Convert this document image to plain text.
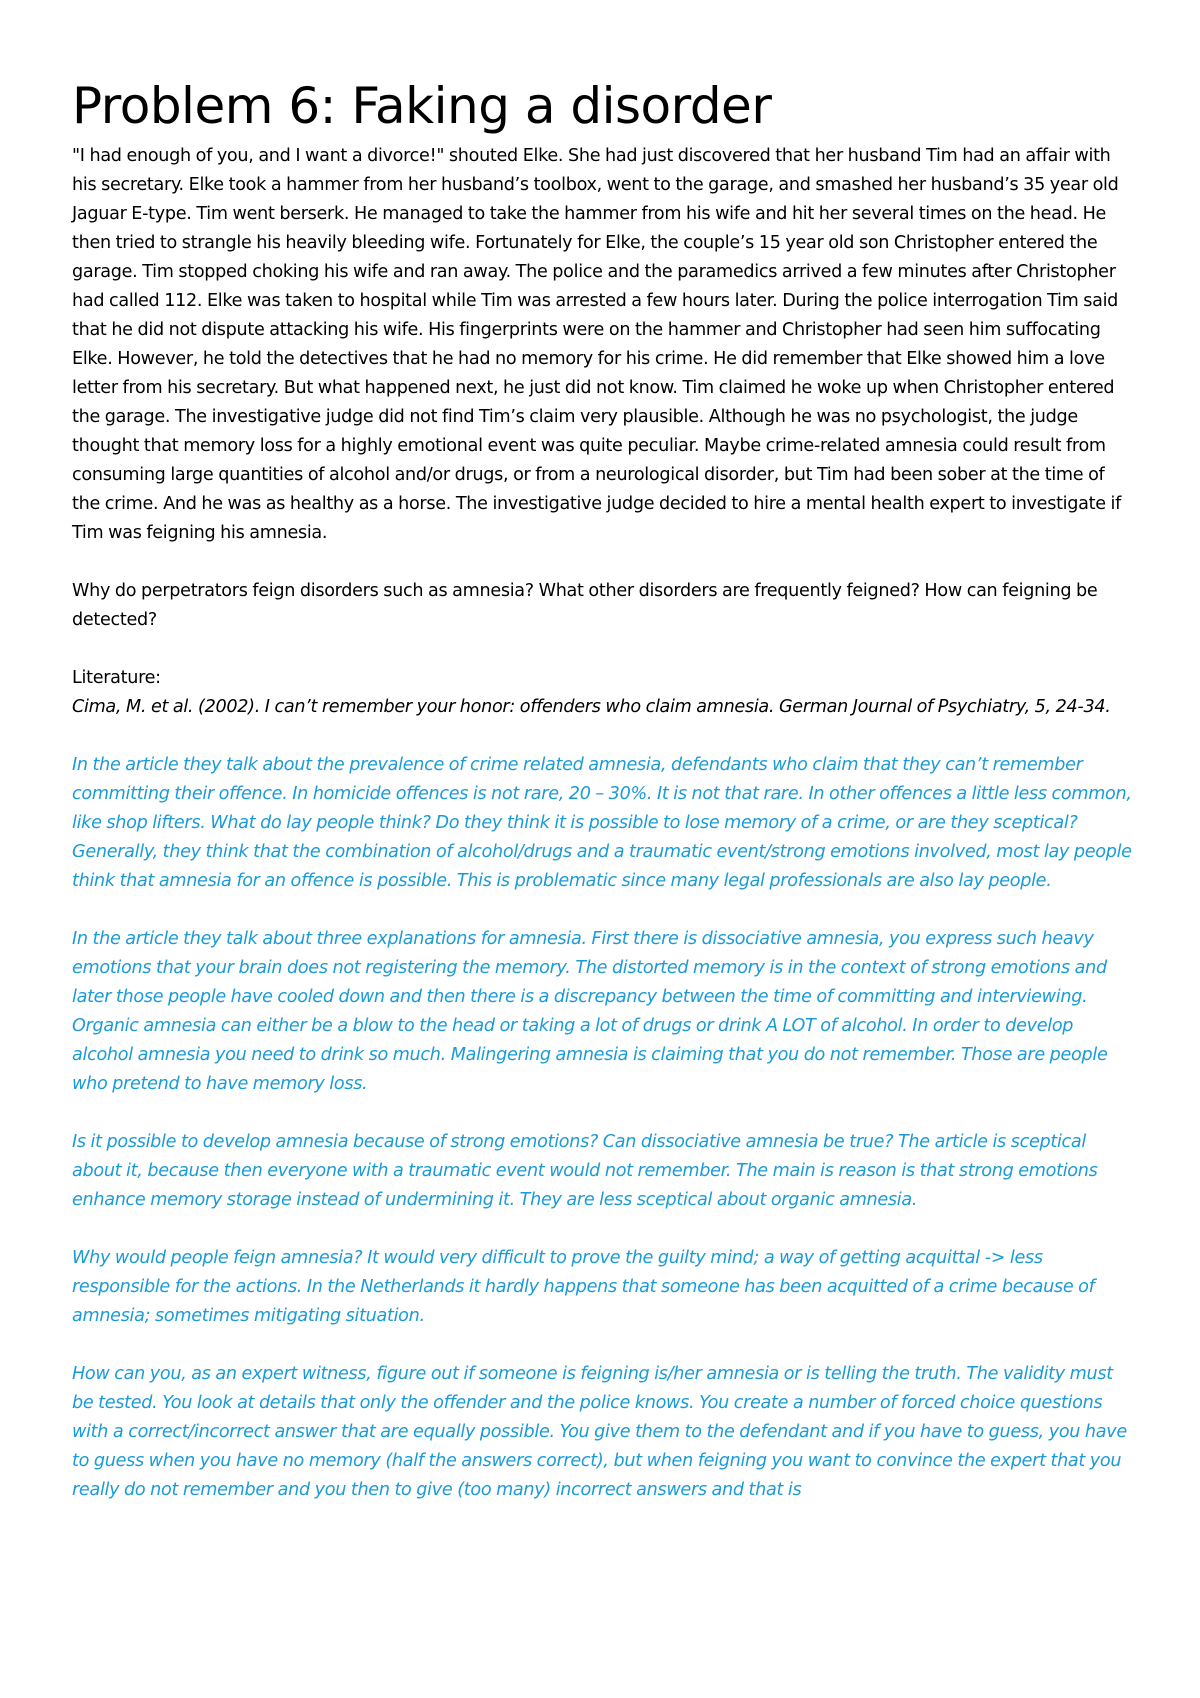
Problem 6: Faking a disorder

"I had enough of you, and I want a divorce!" shouted Elke. She had just discovered that her husband Tim had an affair with his secretary. Elke took a hammer from her husband’s toolbox, went to the garage, and smashed her husband’s 35 year old Jaguar E-type. Tim went berserk. He managed to take the hammer from his wife and hit her several times on the head. He then tried to strangle his heavily bleeding wife. Fortunately for Elke, the couple’s 15 year old son Christopher entered the garage. Tim stopped choking his wife and ran away. The police and the paramedics arrived a few minutes after Christopher had called 112. Elke was taken to hospital while Tim was arrested a few hours later. During the police interrogation Tim said that he did not dispute attacking his wife. His fingerprints were on the hammer and Christopher had seen him suffocating Elke. However, he told the detectives that he had no memory for his crime. He did remember that Elke showed him a love letter from his secretary. But what happened next, he just did not know. Tim claimed he woke up when Christopher entered the garage. The investigative judge did not find Tim’s claim very plausible. Although he was no psychologist, the judge thought that memory loss for a highly emotional event was quite peculiar. Maybe crime-related amnesia could result from consuming large quantities of alcohol and/or drugs, or from a neurological disorder, but Tim had been sober at the time of the crime. And he was as healthy as a horse. The investigative judge decided to hire a mental health expert to investigate if Tim was feigning his amnesia.

Why do perpetrators feign disorders such as amnesia? What other disorders are frequently feigned? How can feigning be detected?

Literature:

Cima, M. et al. (2002). I can’t remember your honor: offenders who claim amnesia. German Journal of Psychiatry, 5, 24-34.

In the article they talk about the prevalence of crime related amnesia, defendants who claim that they can’t remember committing their offence. In homicide offences is not rare, 20 – 30%. It is not that rare. In other offences a little less common, like shop lifters. What do lay people think? Do they think it is possible to lose memory of a crime, or are they sceptical? Generally, they think that the combination of alcohol/drugs and a traumatic event/strong emotions involved, most lay people think that amnesia for an offence is possible. This is problematic since many legal professionals are also lay people.

In the article they talk about three explanations for amnesia. First there is dissociative amnesia, you express such heavy emotions that your brain does not registering the memory. The distorted memory is in the context of strong emotions and later those people have cooled down and then there is a discrepancy between the time of committing and interviewing. Organic amnesia can either be a blow to the head or taking a lot of drugs or drink A LOT of alcohol. In order to develop alcohol amnesia you need to drink so much. Malingering amnesia is claiming that you do not remember. Those are people who pretend to have memory loss.

Is it possible to develop amnesia because of strong emotions? Can dissociative amnesia be true? The article is sceptical about it, because then everyone with a traumatic event would not remember. The main is reason is that strong emotions enhance memory storage instead of undermining it. They are less sceptical about organic amnesia.

Why would people feign amnesia? It would very difficult to prove the guilty mind; a way of getting acquittal -> less responsible for the actions. In the Netherlands it hardly happens that someone has been acquitted of a crime because of amnesia; sometimes mitigating situation.

How can you, as an expert witness, figure out if someone is feigning is/her amnesia or is telling the truth. The validity must be tested. You look at details that only the offender and the police knows. You create a number of forced choice questions with a correct/incorrect answer that are equally possible. You give them to the defendant and if you have to guess, you have to guess when you have no memory (half the answers correct), but when feigning you want to convince the expert that you really do not remember and you then to give (too many) incorrect answers and that is
